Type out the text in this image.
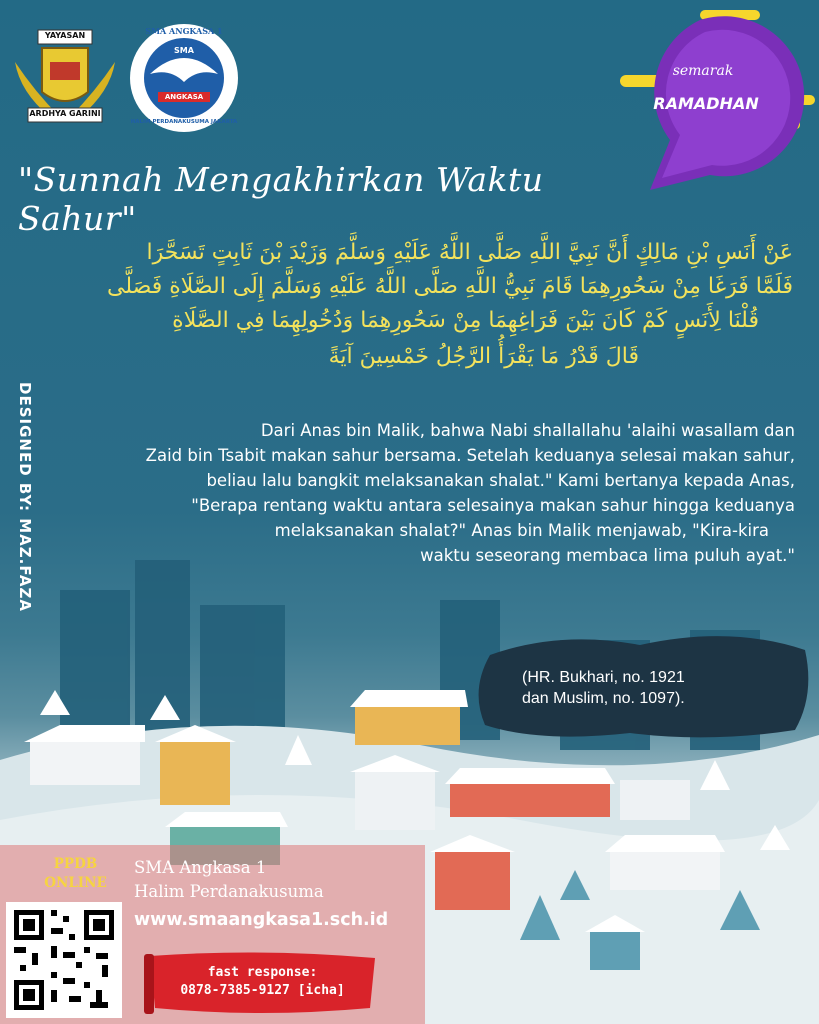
YAYASAN
ARDHYA GARINI
SMA ANGKASA 1
SMA
ANGKASA
HALIM PERDANAKUSUMA JAKARTA
semarak
RAMADHAN
"Sunnah Mengakhirkan Waktu Sahur"
عَنْ أَنَسِ بْنِ مَالِكٍ أَنَّ نَبِيَّ اللَّهِ صَلَّى اللَّهُ عَلَيْهِ وَسَلَّمَ وَزَيْدَ بْنَ ثَابِتٍ تَسَحَّرَا
فَلَمَّا فَرَغَا مِنْ سَحُورِهِمَا قَامَ نَبِيُّ اللَّهِ صَلَّى اللَّهُ عَلَيْهِ وَسَلَّمَ إِلَى الصَّلَاةِ فَصَلَّى
قُلْنَا لِأَنَسٍ كَمْ كَانَ بَيْنَ فَرَاغِهِمَا مِنْ سَحُورِهِمَا وَدُخُولِهِمَا فِي الصَّلَاةِ
قَالَ قَدْرُ مَا يَقْرَأُ الرَّجُلُ خَمْسِينَ آيَةً
DESIGNED BY: MAZ.FAZA	Dari Anas bin Malik, bahwa Nabi shallallahu 'alaihi wasallam dan
Zaid bin Tsabit makan sahur bersama. Setelah keduanya selesai makan sahur,
beliau lalu bangkit melaksanakan shalat." Kami bertanya kepada Anas,
"Berapa rentang waktu antara selesainya makan sahur hingga keduanya
melaksanakan shalat?" Anas bin Malik menjawab, "Kira-kira
waktu seseorang membaca lima puluh ayat."
(HR. Bukhari, no. 1921
dan Muslim, no. 1097).
PPDB
ONLINE
SMA Angkasa 1
Halim Perdanakusuma
www.smaangkasa1.sch.id
fast response:
0878-7385-9127 [icha]
